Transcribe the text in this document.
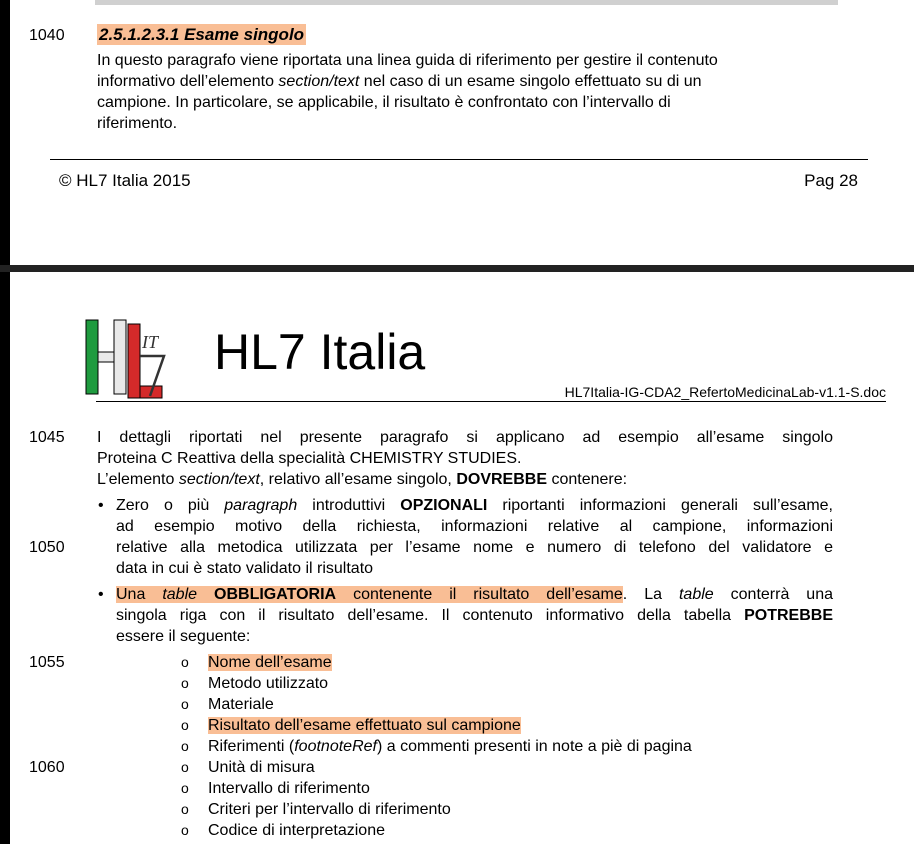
1040 2.5.1.2.3.1 Esame singolo
In questo paragrafo viene riportata una linea guida di riferimento per gestire il contenuto
informativo dell’elemento section/text nel caso di un esame singolo effettuato su di un
campione. In particolare, se applicabile, il risultato è confrontato con l’intervallo di
riferimento.
© HL7 Italia 2015	Pag 28
IT HL7 Italia
HL7Italia-IG-CDA2_RefertoMedicinaLab-v1.1-S.doc
1045
1050
1055
1060
I dettagli riportati nel presente paragrafo si applicano ad esempio all’esame singolo
Proteina C Reattiva della specialità CHEMISTRY STUDIES.
L’elemento section/text, relativo all’esame singolo, DOVREBBE contenere:
• Zero o più paragraph introduttivi OPZIONALI riportanti informazioni generali sull’esame,
ad esempio motivo della richiesta, informazioni relative al campione, informazioni
relative alla metodica utilizzata per l’esame nome e numero di telefono del validatore e
data in cui è stato validato il risultato
• Una table OBBLIGATORIA contenente il risultato dell’esame. La table conterrà una
singola riga con il risultato dell’esame. Il contenuto informativo della tabella POTREBBE
essere il seguente:
o Nome dell’esame
o Metodo utilizzato
o Materiale
o Risultato dell’esame effettuato sul campione
o Riferimenti (footnoteRef) a commenti presenti in note a piè di pagina
o Unità di misura
o Intervallo di riferimento
o Criteri per l’intervallo di riferimento
o Codice di interpretazione
